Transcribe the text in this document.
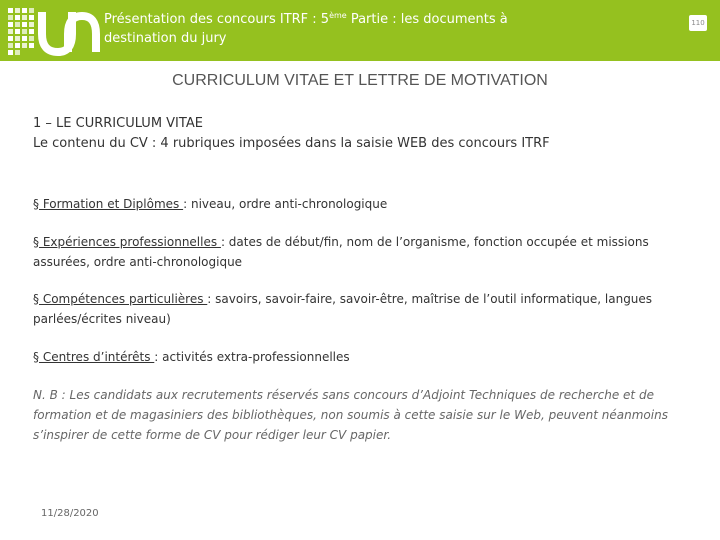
Présentation des concours ITRF : 5ème Partie : les documents à destination du jury
110
CURRICULUM VITAE ET LETTRE DE MOTIVATION
1 – LE CURRICULUM VITAE
Le contenu du CV : 4 rubriques imposées dans la saisie WEB des concours ITRF
§ Formation et Diplômes : niveau, ordre anti-chronologique
§ Expériences professionnelles : dates de début/fin, nom de l’organisme, fonction occupée et missions assurées, ordre anti-chronologique
§ Compétences particulières : savoirs, savoir-faire, savoir-être, maîtrise de l’outil informatique, langues parlées/écrites niveau)
§ Centres d’intérêts : activités extra-professionnelles
N. B : Les candidats aux recrutements réservés sans concours d’Adjoint Techniques de recherche et de formation et de magasiniers des bibliothèques, non soumis à cette saisie sur le Web, peuvent néanmoins s’inspirer de cette forme de CV pour rédiger leur CV papier.
11/28/2020
